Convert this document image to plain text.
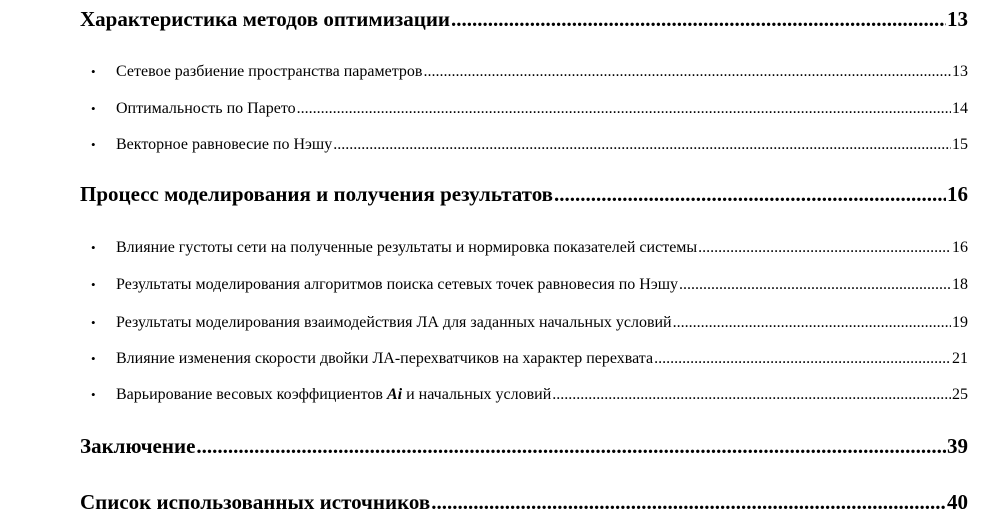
Характеристика методов оптимизации .....	13
•	Сетевое разбиение пространства параметров .....	13
•	Оптимальность по Парето .....	14
•	Векторное равновесие по Нэшу .....	15
Процесс моделирования и получения результатов .....	16
•	Влияние густоты сети на полученные результаты и нормировка показателей системы .....	16
•	Результаты моделирования алгоритмов поиска сетевых точек равновесия по Нэшу .....	18
•	Результаты моделирования взаимодействия ЛА для заданных начальных условий .....	19
•	Влияние изменения скорости двойки ЛА-перехватчиков на характер перехвата .....	21
•	Варьирование весовых коэффициентов Ai и начальных условий .....	25
Заключение .....	39
Список использованных источников .....	40
